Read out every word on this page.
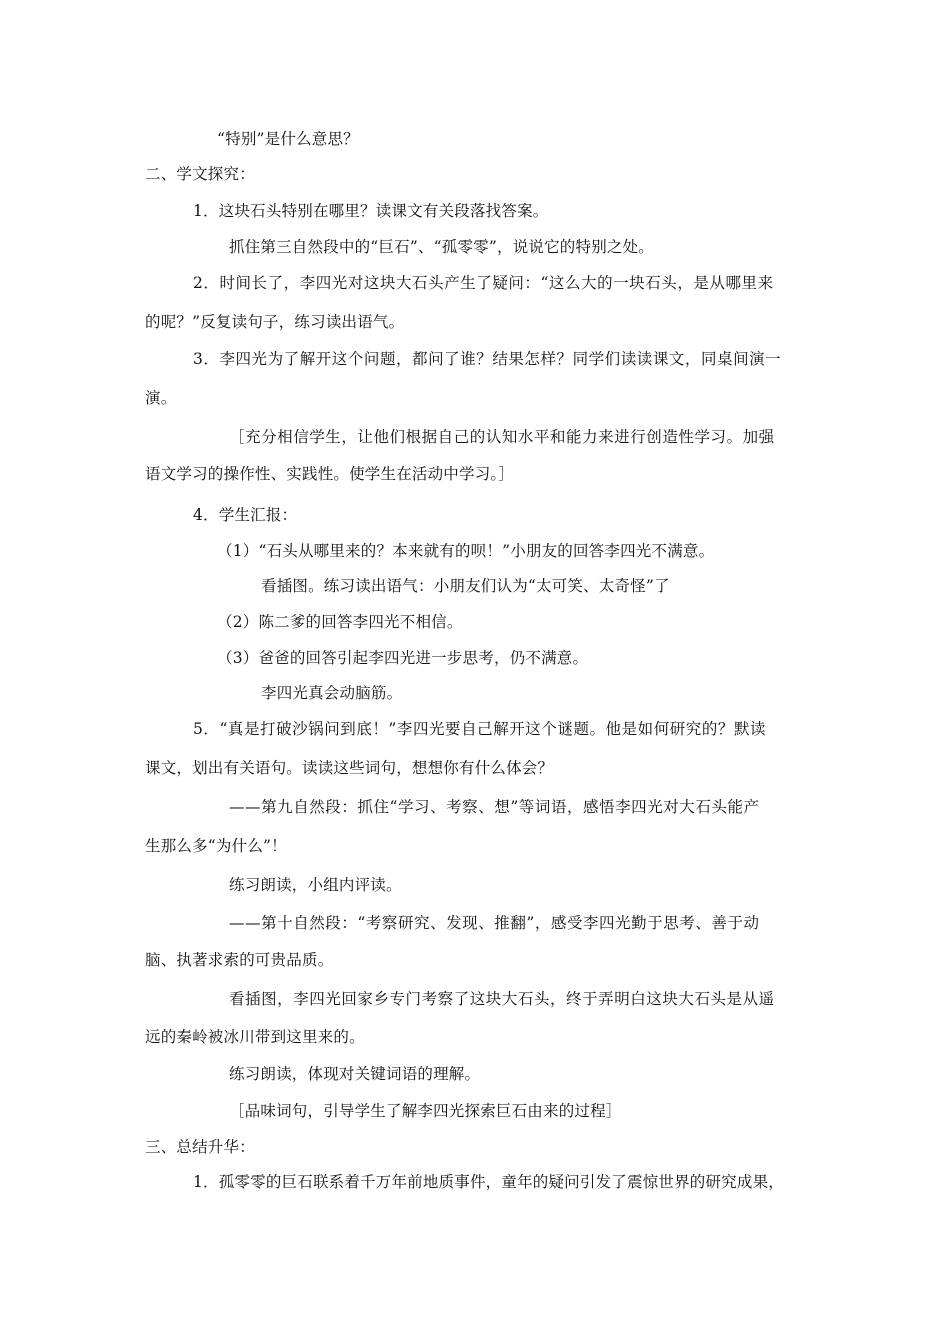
“特别”是什么意思？
二、学文探究：
1．这块石头特别在哪里？读课文有关段落找答案。
抓住第三自然段中的“巨石”、“孤零零”，说说它的特别之处。
2．时间长了，李四光对这块大石头产生了疑问：“这么大的一块石头，是从哪里来
的呢？”反复读句子，练习读出语气。
3．李四光为了解开这个问题，都问了谁？结果怎样？同学们读读课文，同桌间演一
演。
［充分相信学生，让他们根据自己的认知水平和能力来进行创造性学习。加强
语文学习的操作性、实践性。使学生在活动中学习。］
4．学生汇报：
（1）“石头从哪里来的？本来就有的呗！”小朋友的回答李四光不满意。
看插图。练习读出语气：小朋友们认为“太可笑、太奇怪”了
（2）陈二爹的回答李四光不相信。
（3）爸爸的回答引起李四光进一步思考，仍不满意。
李四光真会动脑筋。
5．“真是打破沙锅问到底！”李四光要自己解开这个谜题。他是如何研究的？默读
课文，划出有关语句。读读这些词句，想想你有什么体会？
——第九自然段：抓住“学习、考察、想”等词语，感悟李四光对大石头能产
生那么多“为什么”！
练习朗读，小组内评读。
——第十自然段：“考察研究、发现、推翻”，感受李四光勤于思考、善于动
脑、执著求索的可贵品质。
看插图，李四光回家乡专门考察了这块大石头，终于弄明白这块大石头是从遥
远的秦岭被冰川带到这里来的。
练习朗读，体现对关键词语的理解。
［品味词句，引导学生了解李四光探索巨石由来的过程］
三、总结升华：
1．孤零零的巨石联系着千万年前地质事件，童年的疑问引发了震惊世界的研究成果，
